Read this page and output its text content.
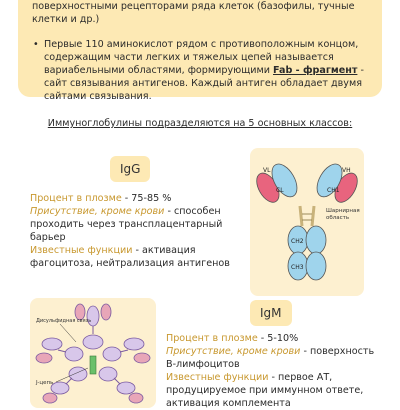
поверхностными рецепторами ряда клеток (базофилы, тучные клетки и др.)
• Первые 110 аминокислот рядом с противоположным концом, содержащим части легких и тяжелых цепей называется вариабельными областями, формирующими Fab - фрагмент - сайт связывания антигенов. Каждый антиген обладает двумя сайтами связывания.
Иммуноглобулины подразделяются на 5 основных классов:
IgG
Процент в плозме - 75-85 %
Присутствие, кроме крови - способен проходить через трансплацентарный барьер
Известные функции - активация фагоцитоза, нейтрализация антигенов
VL
CL
VH
CH1
CH2
CH3
Шарнирная область
Дисульфидная связь
J-цепь
IgM
Процент в плозме - 5-10%
Присутствие, кроме крови - поверхность В-лимфоцитов
Известные функции - первое АТ, продуцируемое при иммунном ответе, активация комплемента
